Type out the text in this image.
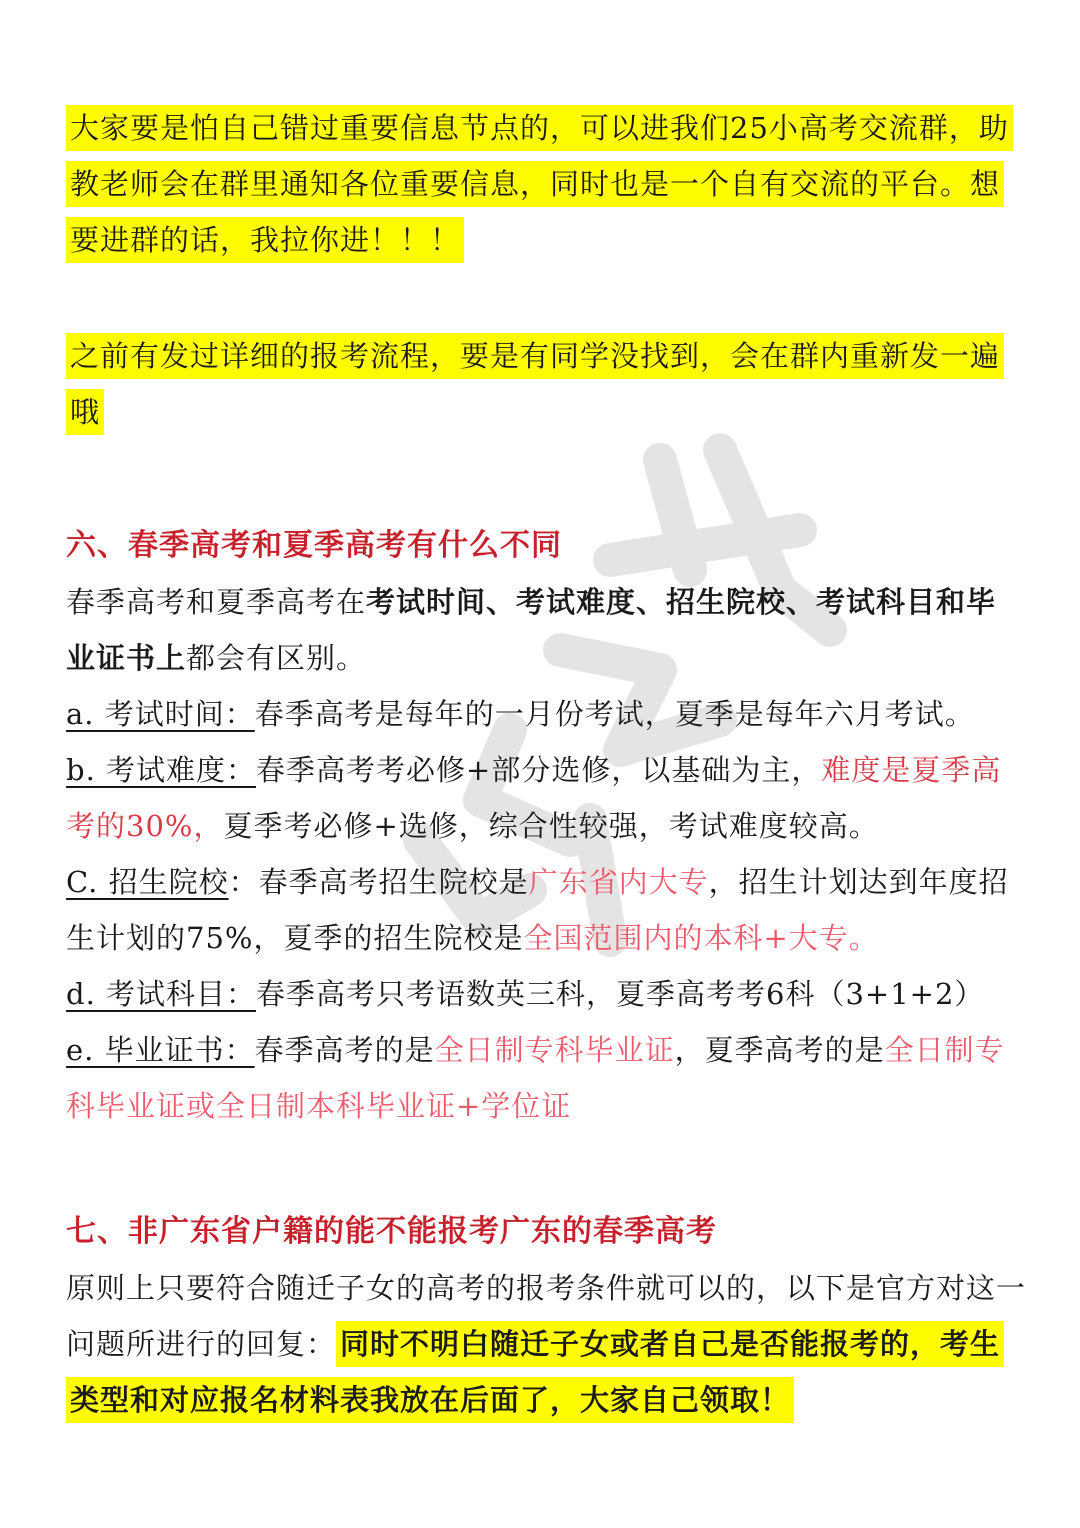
大家要是怕自己错过重要信息节点的，可以进我们25小高考交流群，助教老师会在群里通知各位重要信息，同时也是一个自有交流的平台。想要进群的话，我拉你进！！！

之前有发过详细的报考流程，要是有同学没找到，会在群内重新发一遍哦

六、春季高考和夏季高考有什么不同

春季高考和夏季高考在考试时间、考试难度、招生院校、考试科目和毕业证书上都会有区别。

a. 考试时间：春季高考是每年的一月份考试，夏季是每年六月考试。

b. 考试难度：春季高考考必修+部分选修，以基础为主，难度是夏季高考的30%，夏季考必修+选修，综合性较强，考试难度较高。

C. 招生院校：春季高考招生院校是广东省内大专，招生计划达到年度招生计划的75%，夏季的招生院校是全国范围内的本科+大专。

d. 考试科目：春季高考只考语数英三科，夏季高考考6科（3+1+2）

e. 毕业证书：春季高考的是全日制专科毕业证，夏季高考的是全日制专科毕业证或全日制本科毕业证+学位证

七、非广东省户籍的能不能报考广东的春季高考

原则上只要符合随迁子女的高考的报考条件就可以的，以下是官方对这一问题所进行的回复： 同时不明白随迁子女或者自己是否能报考的，考生类型和对应报名材料表我放在后面了，大家自己领取！
